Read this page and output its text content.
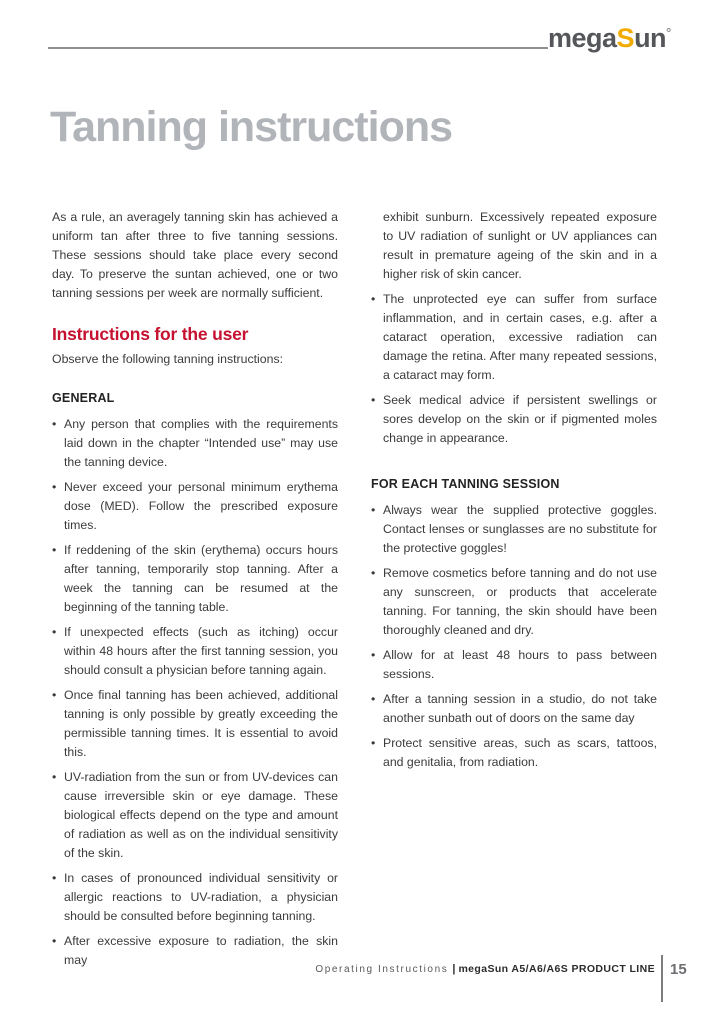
megaSun°
Tanning instructions

As a rule, an averagely tanning skin has achieved a uniform tan after three to five tanning sessions. These sessions should take place every second day. To preserve the suntan achieved, one or two tanning sessions per week are normally sufficient.

Instructions for the user

Observe the following tanning instructions:

GENERAL
• Any person that complies with the requirements laid down in the chapter “Intended use” may use the tanning device.
• Never exceed your personal minimum erythema dose (MED). Follow the prescribed exposure times.
• If reddening of the skin (erythema) occurs hours after tanning, temporarily stop tanning. After a week the tanning can be resumed at the beginning of the tanning table.
• If unexpected effects (such as itching) occur within 48 hours after the first tanning session, you should consult a physician before tanning again.
• Once final tanning has been achieved, additional tanning is only possible by greatly exceeding the permissible tanning times. It is essential to avoid this.
• UV-radiation from the sun or from UV-devices can cause irreversible skin or eye damage. These biological effects depend on the type and amount of radiation as well as on the individual sensitivity of the skin.
• In cases of pronounced individual sensitivity or allergic reactions to UV-radiation, a physician should be consulted before beginning tanning.
• After excessive exposure to radiation, the skin may

exhibit sunburn. Excessively repeated exposure to UV radiation of sunlight or UV appliances can result in premature ageing of the skin and in a higher risk of skin cancer.

• The unprotected eye can suffer from surface inflammation, and in certain cases, e.g. after a cataract operation, excessive radiation can damage the retina. After many repeated sessions, a cataract may form.
• Seek medical advice if persistent swellings or sores develop on the skin or if pigmented moles change in appearance.
FOR EACH TANNING SESSION
• Always wear the supplied protective goggles. Contact lenses or sunglasses are no substitute for the protective goggles!
• Remove cosmetics before tanning and do not use any sunscreen, or products that accelerate tanning. For tanning, the skin should have been thoroughly cleaned and dry.
• Allow for at least 48 hours to pass between sessions.
• After a tanning session in a studio, do not take another sunbath out of doors on the same day
• Protect sensitive areas, such as scars, tattoos, and genitalia, from radiation.
Operating Instructions | megaSun A5/A6/A6S PRODUCT LINE 15
